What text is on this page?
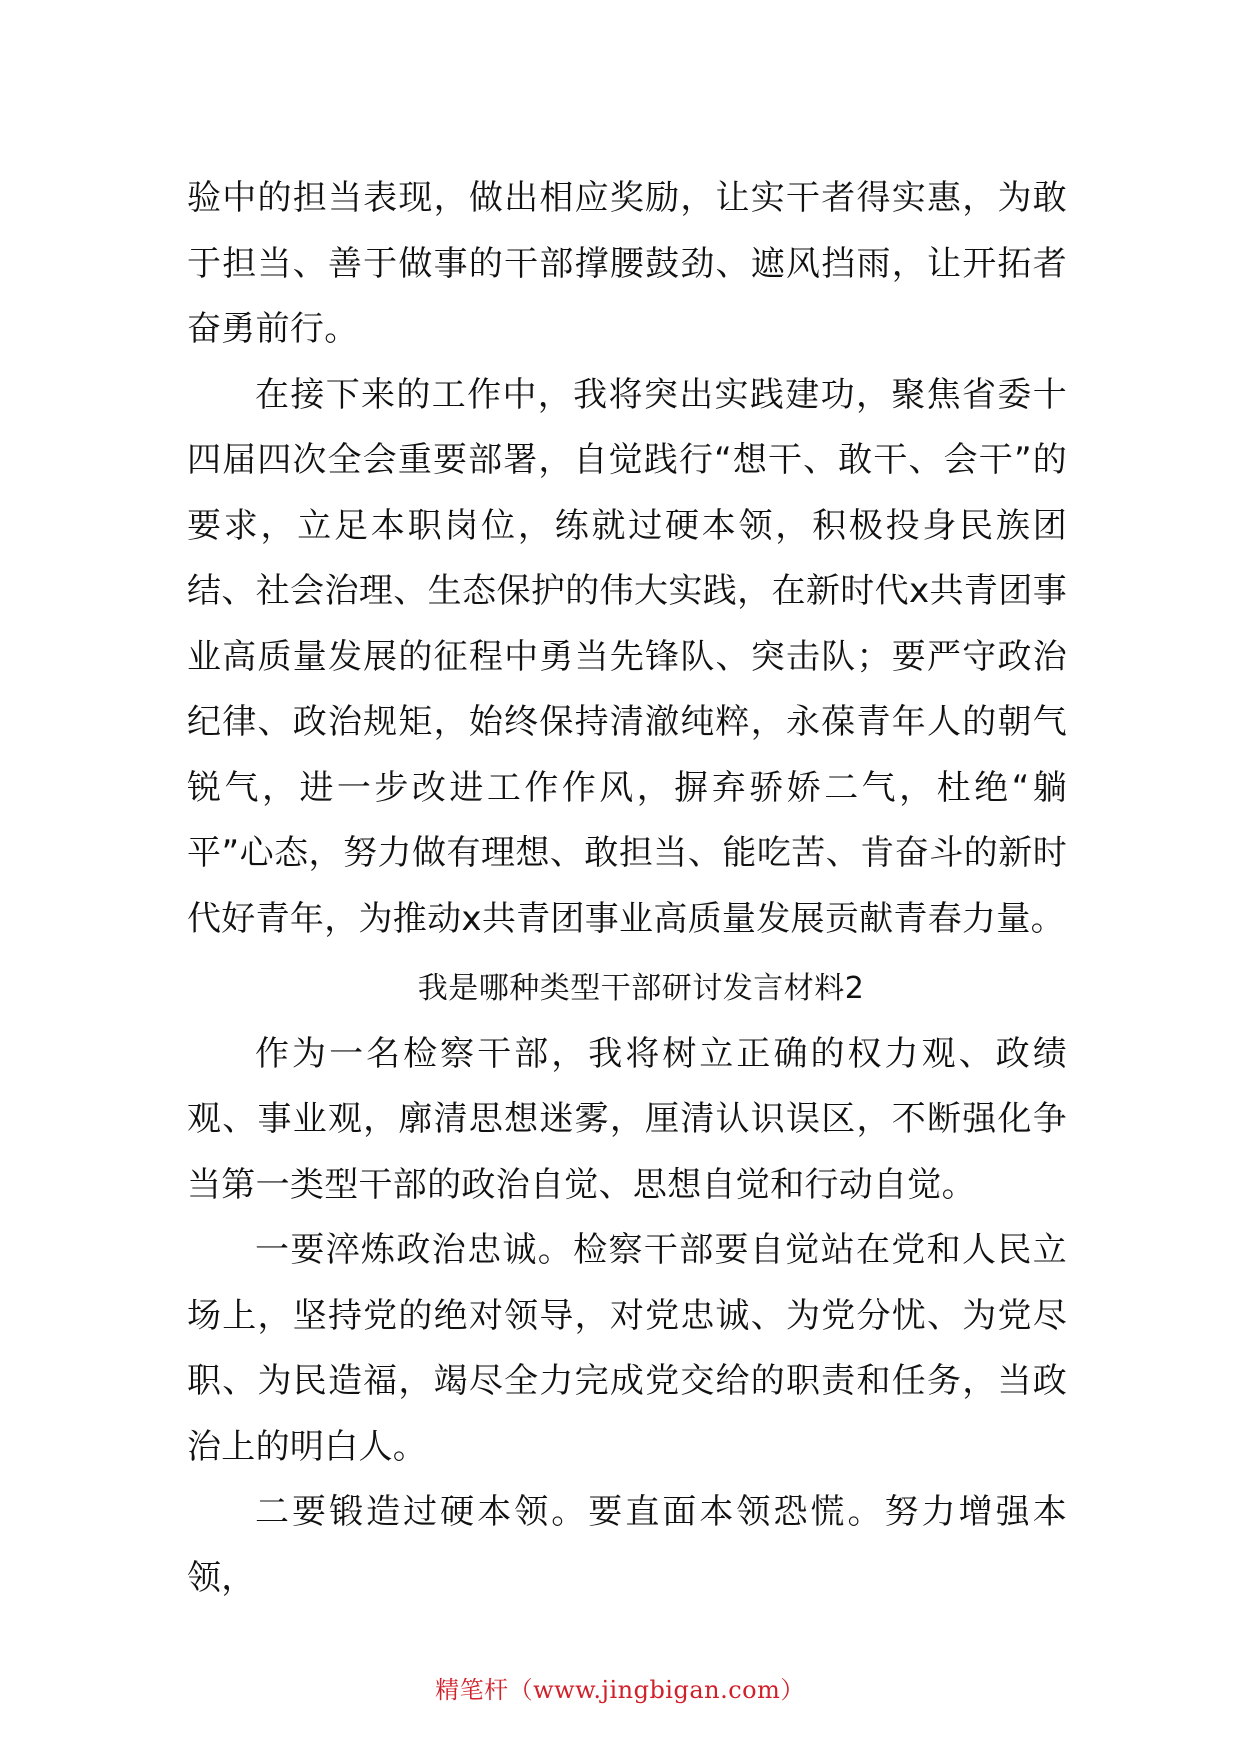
验中的担当表现，做出相应奖励，让实干者得实惠，为敢于担当、善于做事的干部撑腰鼓劲、遮风挡雨，让开拓者奋勇前行。

在接下来的工作中，我将突出实践建功，聚焦省委十四届四次全会重要部署，自觉践行“想干、敢干、会干”的要求，立足本职岗位，练就过硬本领，积极投身民族团结、社会治理、生态保护的伟大实践，在新时代x共青团事业高质量发展的征程中勇当先锋队、突击队；要严守政治纪律、政治规矩，始终保持清澈纯粹，永葆青年人的朝气锐气，进一步改进工作作风，摒弃骄娇二气，杜绝“躺平”心态，努力做有理想、敢担当、能吃苦、肯奋斗的新时代好青年，为推动x共青团事业高质量发展贡献青春力量。

我是哪种类型干部研讨发言材料2

作为一名检察干部，我将树立正确的权力观、政绩观、事业观，廓清思想迷雾，厘清认识误区，不断强化争当第一类型干部的政治自觉、思想自觉和行动自觉。

一要淬炼政治忠诚。检察干部要自觉站在党和人民立场上，坚持党的绝对领导，对党忠诚、为党分忧、为党尽职、为民造福，竭尽全力完成党交给的职责和任务，当政治上的明白人。

二要锻造过硬本领。要直面本领恐慌。努力增强本领，

精笔杆（www.jingbigan.com）
